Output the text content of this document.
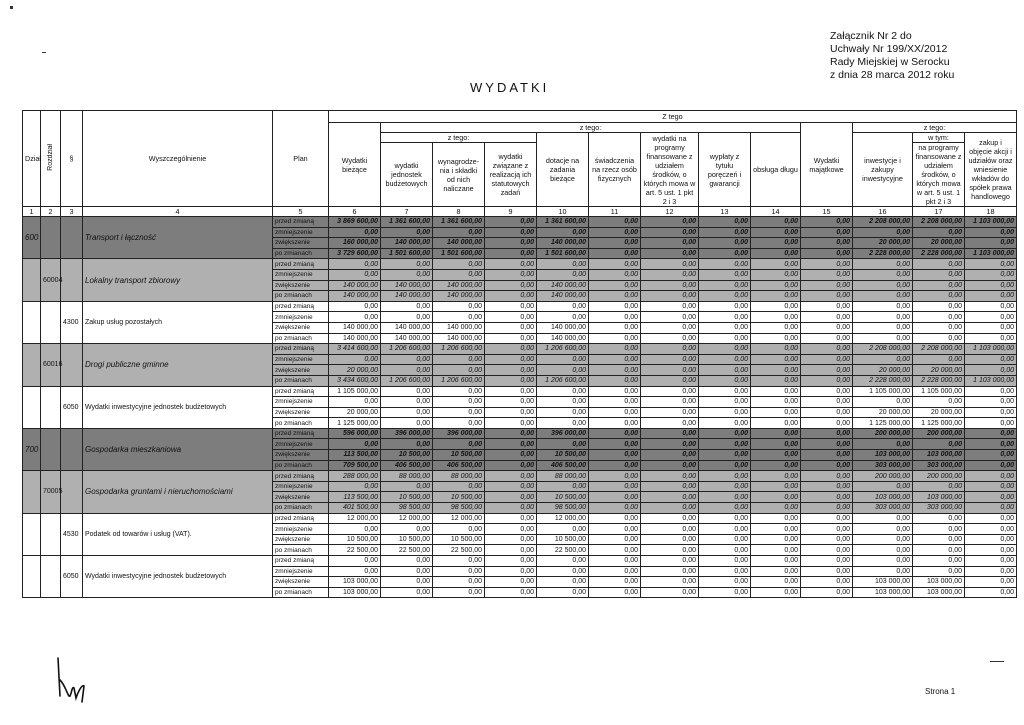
Załącznik Nr 2 do
Uchwały Nr 199/XX/2012
Rady Miejskiej w Serocku
z dnia 28 marca 2012 roku
WYDATKI
Dział	Rozdział	§	Wyszczególnienie	Plan	Z tego													
					Wydatki bieżące	z tego:								Wydatki majątkowe	z tego:			
						z tego:			dotacje na zadania bieżące	świadczenia na rzecz osób fizycznych	wydatki na programy finansowane z udziałem środków, o których mowa w art. 5 ust. 1 pkt 2 i 3	wypłaty z tytułu poręczeń i gwarancji	obsługa długu		inwestycje i zakupy inwestycyjne	w tym:	zakup i objęcie akcji i udziałów oraz wniesienie wkładów do spółek prawa handlowego	
						wydatki jednostek budżetowych	wynagrodze-nia i składki od nich naliczane	wydatki związane z realizacją ich statutowych zadań								na programy finansowane z udziałem środków, o których mowa w art. 5 ust. 1 pkt 2 i 3		
1	2	3	4	5	6	7	8	9	10	11	12	13	14	15	16	17	18	
600			Transport i łączność	przed zmianą	3 869 600,00	1 361 600,00	1 361 600,00	0,00	1 361 600,00	0,00	0,00	0,00	0,00	0,00	2 208 000,00	2 208 000,00	1 103 000,00	
				zmniejszenie	0,00	0,00	0,00	0,00	0,00	0,00	0,00	0,00	0,00	0,00	0,00	0,00	0,00	
				zwiększenie	160 000,00	140 000,00	140 000,00	0,00	140 000,00	0,00	0,00	0,00	0,00	0,00	20 000,00	20 000,00	0,00	
				po zmianach	3 729 600,00	1 501 600,00	1 501 600,00	0,00	1 501 600,00	0,00	0,00	0,00	0,00	0,00	2 228 000,00	2 228 000,00	1 103 000,00	
	60004		Lokalny transport zbiorowy	przed zmianą	0,00	0,00	0,00	0,00	0,00	0,00	0,00	0,00	0,00	0,00	0,00	0,00	0,00	
				zmniejszenie	0,00	0,00	0,00	0,00	0,00	0,00	0,00	0,00	0,00	0,00	0,00	0,00	0,00	
				zwiększenie	140 000,00	140 000,00	140 000,00	0,00	140 000,00	0,00	0,00	0,00	0,00	0,00	0,00	0,00	0,00	
				po zmianach	140 000,00	140 000,00	140 000,00	0,00	140 000,00	0,00	0,00	0,00	0,00	0,00	0,00	0,00	0,00	
		4300	Zakup usług pozostałych	przed zmianą	0,00	0,00	0,00	0,00	0,00	0,00	0,00	0,00	0,00	0,00	0,00	0,00	0,00	
				zmniejszenie	0,00	0,00	0,00	0,00	0,00	0,00	0,00	0,00	0,00	0,00	0,00	0,00	0,00	
				zwiększenie	140 000,00	140 000,00	140 000,00	0,00	140 000,00	0,00	0,00	0,00	0,00	0,00	0,00	0,00	0,00	
				po zmianach	140 000,00	140 000,00	140 000,00	0,00	140 000,00	0,00	0,00	0,00	0,00	0,00	0,00	0,00	0,00	
	60016		Drogi publiczne gminne	przed zmianą	3 414 600,00	1 206 600,00	1 206 600,00	0,00	1 206 600,00	0,00	0,00	0,00	0,00	0,00	2 208 000,00	2 208 000,00	1 103 000,00	
				zmniejszenie	0,00	0,00	0,00	0,00	0,00	0,00	0,00	0,00	0,00	0,00	0,00	0,00	0,00	
				zwiększenie	20 000,00	0,00	0,00	0,00	0,00	0,00	0,00	0,00	0,00	0,00	20 000,00	20 000,00	0,00	
				po zmianach	3 434 600,00	1 206 600,00	1 206 600,00	0,00	1 206 600,00	0,00	0,00	0,00	0,00	0,00	2 228 000,00	2 228 000,00	1 103 000,00	
		6050	Wydatki inwestycyjne jednostek budżetowych	przed zmianą	1 105 000,00	0,00	0,00	0,00	0,00	0,00	0,00	0,00	0,00	0,00	1 105 000,00	1 105 000,00	0,00	
				zmniejszenie	0,00	0,00	0,00	0,00	0,00	0,00	0,00	0,00	0,00	0,00	0,00	0,00	0,00	
				zwiększenie	20 000,00	0,00	0,00	0,00	0,00	0,00	0,00	0,00	0,00	0,00	20 000,00	20 000,00	0,00	
				po zmianach	1 125 000,00	0,00	0,00	0,00	0,00	0,00	0,00	0,00	0,00	0,00	1 125 000,00	1 125 000,00	0,00	
700			Gospodarka mieszkaniowa	przed zmianą	596 000,00	396 000,00	396 000,00	0,00	396 000,00	0,00	0,00	0,00	0,00	0,00	200 000,00	200 000,00	0,00	
				zmniejszenie	0,00	0,00	0,00	0,00	0,00	0,00	0,00	0,00	0,00	0,00	0,00	0,00	0,00	
				zwiększenie	113 500,00	10 500,00	10 500,00	0,00	10 500,00	0,00	0,00	0,00	0,00	0,00	103 000,00	103 000,00	0,00	
				po zmianach	709 500,00	406 500,00	406 500,00	0,00	406 500,00	0,00	0,00	0,00	0,00	0,00	303 000,00	303 000,00	0,00	
	70005		Gospodarka gruntami i nieruchomościami	przed zmianą	288 000,00	88 000,00	88 000,00	0,00	88 000,00	0,00	0,00	0,00	0,00	0,00	200 000,00	200 000,00	0,00	
				zmniejszenie	0,00	0,00	0,00	0,00	0,00	0,00	0,00	0,00	0,00	0,00	0,00	0,00	0,00	
				zwiększenie	113 500,00	10 500,00	10 500,00	0,00	10 500,00	0,00	0,00	0,00	0,00	0,00	103 000,00	103 000,00	0,00	
				po zmianach	401 500,00	98 500,00	98 500,00	0,00	98 500,00	0,00	0,00	0,00	0,00	0,00	303 000,00	303 000,00	0,00	
		4530	Podatek od towarów i usług (VAT).	przed zmianą	12 000,00	12 000,00	12 000,00	0,00	12 000,00	0,00	0,00	0,00	0,00	0,00	0,00	0,00	0,00	
				zmniejszenie	0,00	0,00	0,00	0,00	0,00	0,00	0,00	0,00	0,00	0,00	0,00	0,00	0,00	
				zwiększenie	10 500,00	10 500,00	10 500,00	0,00	10 500,00	0,00	0,00	0,00	0,00	0,00	0,00	0,00	0,00	
				po zmianach	22 500,00	22 500,00	22 500,00	0,00	22 500,00	0,00	0,00	0,00	0,00	0,00	0,00	0,00	0,00	
		6050	Wydatki inwestycyjne jednostek budżetowych	przed zmianą	0,00	0,00	0,00	0,00	0,00	0,00	0,00	0,00	0,00	0,00	0,00	0,00	0,00	
				zmniejszenie	0,00	0,00	0,00	0,00	0,00	0,00	0,00	0,00	0,00	0,00	0,00	0,00	0,00	
				zwiększenie	103 000,00	0,00	0,00	0,00	0,00	0,00	0,00	0,00	0,00	0,00	103 000,00	103 000,00	0,00	
				po zmianach	103 000,00	0,00	0,00	0,00	0,00	0,00	0,00	0,00	0,00	0,00	103 000,00	103 000,00	0,00	
Strona 1
